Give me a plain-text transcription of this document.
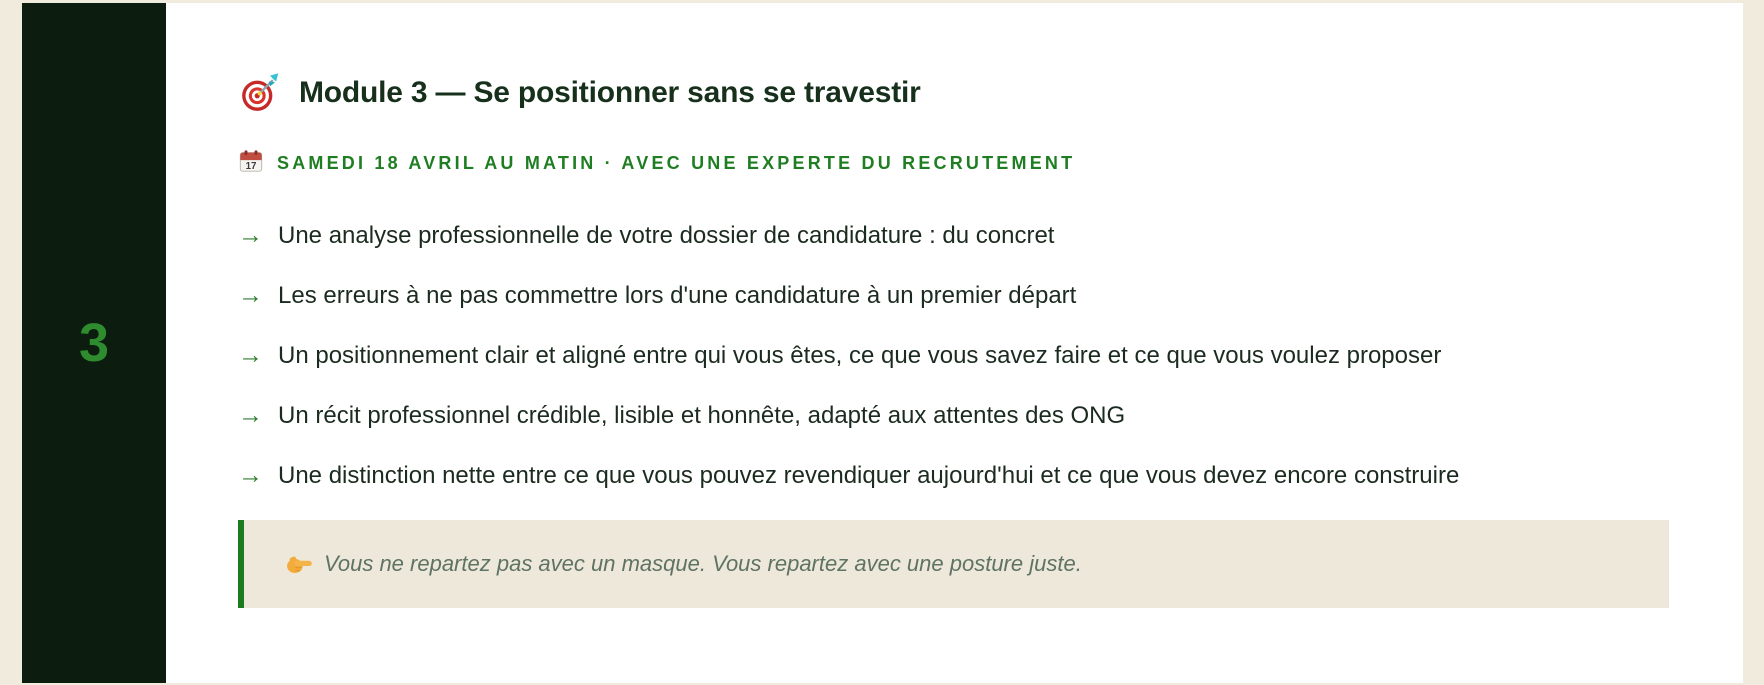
3
Module 3 — Se positionner sans se travestir
17 SAMEDI 18 AVRIL AU MATIN · AVEC UNE EXPERTE DU RECRUTEMENT
→ Une analyse professionnelle de votre dossier de candidature : du concret
→ Les erreurs à ne pas commettre lors d'une candidature à un premier départ
→ Un positionnement clair et aligné entre qui vous êtes, ce que vous savez faire et ce que vous voulez proposer
→ Un récit professionnel crédible, lisible et honnête, adapté aux attentes des ONG
→ Une distinction nette entre ce que vous pouvez revendiquer aujourd'hui et ce que vous devez encore construire
Vous ne repartez pas avec un masque. Vous repartez avec une posture juste.
